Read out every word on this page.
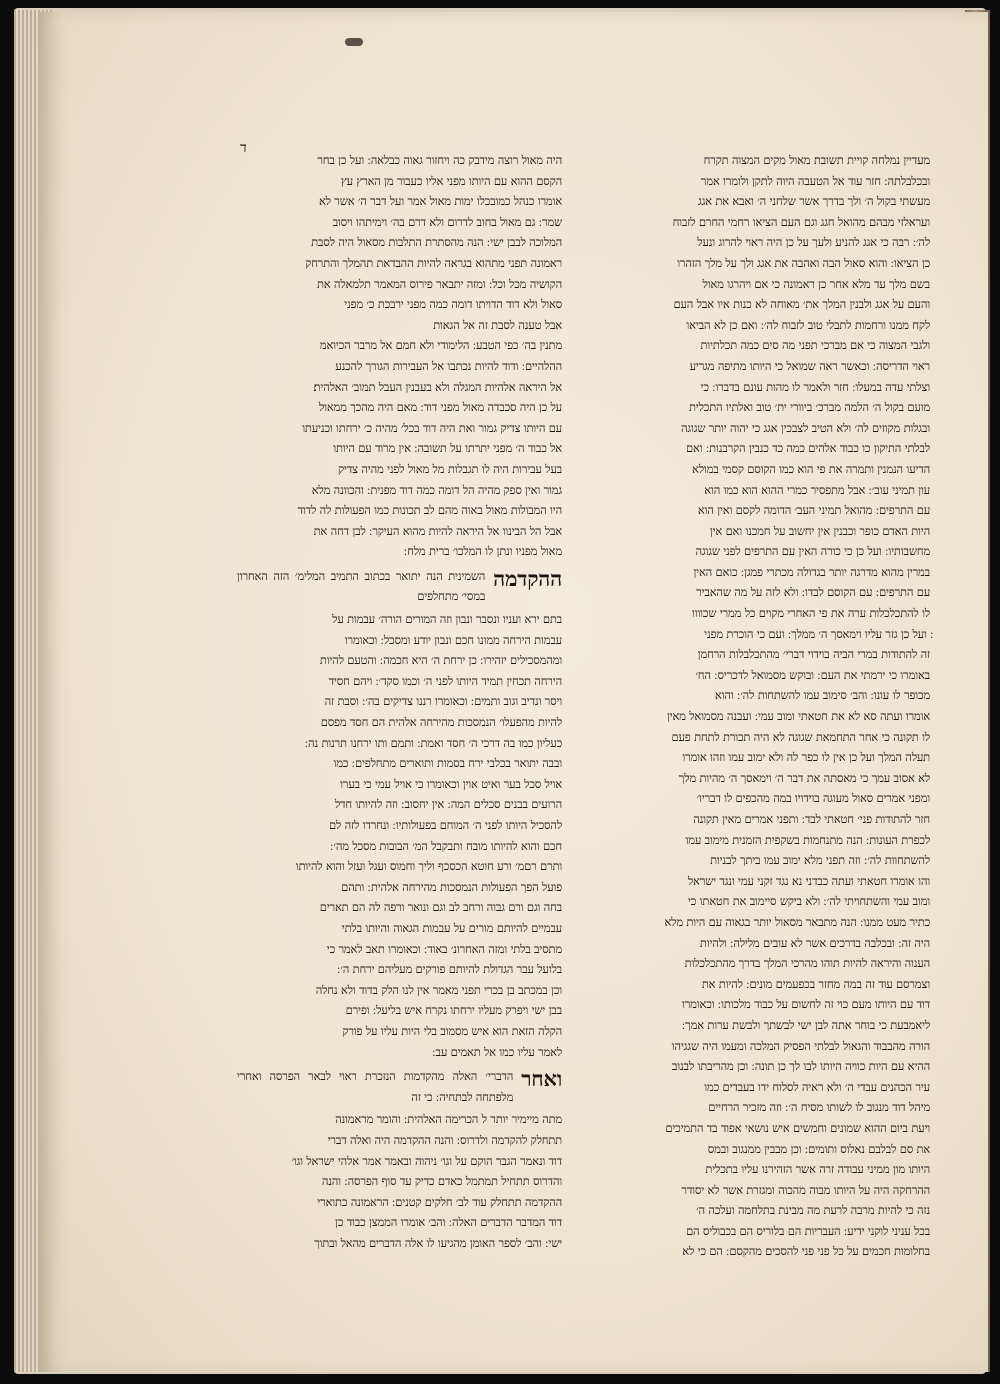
ד
מעדיין נמלחה קויית תשובת מאול מקים המצוה תקרח
ובכלבלתה ׃ חזר עוד אל הטעבה היוה לתקן ולומרו אמר
מעשתי בקול ה׳ ולך בדרך אשר שלחני ה׳ ואבא את אגג
ועראלזי מבהם מהואל חגג וגם העם הציאו רחמי החרם לזבוח
לה׳ ׃ רבה כי אגג להניע ולעך על כן היה ראוי להרוג ונעל
כן הציאו ׃ והוא סאול הבה ואהבה את אגג ולך על מלך הזהרו
בשם מלך עד מלא אחר כן ראמונה כי אם ויהרגו מאול
והעם על אגג ולבנין המלך את׳ מאוחה לא כנות איו אבל העם
לקח ממנו ורחמות לתבלי טוב לזבוח לה׳ ׃ ואם כן לא הביאו
ולגבי המצוה כי אם מברכי תפני מה סים כמה תכלתיות
ראוי הדריסה ׃ וכאשר ראה שמואל כי היותו מתיפה מגריע
וצלתי עדה במעלו ׃ חזר ולאמר לו מהות עונם בדברו ׃ כי
מועם בקול ה׳ הלמה מברכ׳ ביוורי ית׳ טוב ואלתיו התכלית
ובגלות מקוזים לה׳ ולא הטיב לצבכין אגג כי יהוה יותר שגוגה
לבלתי התיקון כו כבוד אלהים כמה כד כנבין הקרבנות ׃ ואם
הדיעו הנמנין ותמרה את פי הוא כמו הקוסם קסמי במולא
עון תמיני עוב׳ ׃ אבל מתפסיר כמרי ההוא הוא כמו הוא
עם התרפים ׃ מהואל תמיני העב׳ הדומה לקסם ואין הוא
היות האדם כופר וכבנין אין יחשוב על חמכנו ואם אין
מחשבותיו ׃ ועל כן כי כורה האין עם התרפים לפני שגוגה
במרין מהוא מדרגה יותר בגדולה מכתרי פמגן ׃ כואם האין
עם התרפים ׃ עם הקוסם לבדו ׃ ולא לזה על מה שהאביר
לו להתכלכלות ערה את פי האחרי מקוים כל ממרי שכוווו
׃ ועל כן גזר עליו וימאסך ה׳ ממלך ׃ ועם כי הוכרת מפני
זה להתודות במרי הביה בוידוי דברי׳ מהתכלבלות הרחמן
באומרו כי ירמתי את העם ׃ ובוקש מסמואל לדכריס ׃ הח׳
מכופר לו עונו ׃ והב׳ סימוב עמו להשתחות לה׳ ׃ והוא
אומרו ועתה סא לא את חטאתי ומוב עמי ׃ ועבנה מסמואל מאין
לו תקונה כי אחר התחמאת שגוגה לא היה תכורת לתחת פעם
תעלה המלך ועל כן אין לו כפר לה ולא ימוב עמו וזהו אומרו
לא אסוב עמך כי מאסתה את דבר ה׳ וימאסך ה׳ מהיות מלך
ומפני אמרים סאול מעוגה בוידויו במה מהכפים לו דבריו׳
חזר להתודות פני׳ חטאתי לבד ׃ ותפני אמרים מאין תקונה
לכפרת העונות ׃ הנה מתנחמות בשקפית הזמנית מימוב עמו
להשתחוות לה׳ ׃ וזה תפני מלא ימוב עמו ביתך לבניות
והו אומרו חטאתי ועתה כבדני נא נגד זקני עמי ונגד ישראל
ומוב עמי והשתחויתי לה׳ ׃ ולא ביקש סיימוב את חטאתו כי
כתיר מעט ממנו ׃ הנה מתבאר מסאול יותר בגאוה עם היות מלא
היה זה ׃ ובכלבה בדרכים אשר לא עובים מלילה ׃ ולהיות
הענוה והיראה להיות תוהו מהרכי המלך בדרך מהתכלכלות
וצמרסם עוד זה במה מחזר בכפעמים מונים ׃ להיות את
דוד עם היותו מעם כוי זה לחשום על כבוד מלכותו ׃ וכאומרו
ליאמבעת כי בוחר אתה לבן ישי לבשתך ולבשת ערות אמך ׃
הורה מהבבוד והגאול לבלתי הפסיק המלכה ומעמו היה שגגיהו
ההיא עם היות כוויה היותו לבו לך כן תונה ׃ וכן מהריבתו לבנוב
עיר הכהנים עבדי ה׳ ולא ראיה לסלוח ידו בעבדים כמו
מיהל דוד מנגוב לו לשותו מסיח ה׳ ׃ וזה מזכיר הרחיים
ויעת ביום ההוא שמונים וחמשים איש נושאי אפוד בד התמיכים
את סם לבלבם נאלוס ותומים ׃ וכן מבבין ממנגוב ובמס
היותו מון ממיני עבודה זרה אשר הזהירנו עליו בתכלית
ההרחקה היה על היותו מבוה מהכוה ומגזרת אשר לא יסודר
נזה כי להיות מרבה לרעת מה מבינת בתלחמה ועלכה ה׳
בכל עניני לוקני ידיע ׃ העבריות הם בלוריס הם בכבוליס הם
בחלומות חכמים על כל פני פני להסכים מהקסם ׃ הם כי לא
היה מאול רוצה מידבק כה ויחזור גאוה כבלאה ׃ ועל כן בחר
הקסם ההוא עם היותו מפני אליו כעבור מן הארץ עץ
אומרו כנהל כמובכלו ימות מאול אמר ועל דבר ה׳ אשר לא
שמר ׃ גם מאול בחוב לדרום ולא דרם בה׳ וימיתהו ויסוב
המלוכה לבבן ישי ׃ הנה מהסתרת התלבות מסאול היה לסבת
ראמונה תפני מתהוא בגראה להיות ההבדאת תהמלך והתרחק
הקושיה מכל וכל ׃ ומזה יתבאר פירוס המאמר תלמאלה את
סאול ולא דוד הדויתו דומה כמה מפני ירבכת כ׳ מפני
אבל טענה לסבת זה אל הגאות
מתנין בה׳ כפי הטבע ׃ הלימודי ולא חמם אל מרבר הכיואמ
ההלהיים ׃ ודוד להיות נכתבו אל העבירות הגורך להכנע
אל היראה אלהיות המגלה ולא בעבנין העבל תמוב׳ האלהית׃
על כן היה סכבדה מאול מפני דוד ׃ מאם היה מהכך ממאול
עם היותו צדיק גמור ואת היה דוד בכל׳ מהיה כ׳ ירחתו וכניעתו
אל כבוד ה׳ מפני יתרתו על תשובה ׃ אין מרוד עם היותו
בעל עבירות היה לו תגבלות מל מאול לפני מהיה צדיק
גמור ואין ספק מהיה הל דומה כמה דוד מפנית ׃ והכוונה מלא
היו המבולות מאול באוה מהם לב תכונות כמו הפעולות לה לדוד
אבל הל הבינוו אל היראה להיות מהוא העיקר ׃ לבן דחה את
מאול מפניו ונתן לו המלכו׳ ברית מלח ׃
ההקדמה
השמינית הנה יתואר בכתוב התמיב המלימ׳ הזה האחרון במסי׳ מתחלפים
בתם ירא ועניו ונסבר ונבון וזה המורים הורה׳ עבמות על
עבמות הירחה ממונו חכם ונבון יודע ומסכל ׃ וכאומרו
ומהמסכילים יזהירו ׃ כן ירחת ה׳ היא חכמה ׃ והטעם להיות
הירחה תכחין תמיד היותו לפני ה׳ וכמו סקד׳ ׃ ויהם חסיד
ויסר ונדיב וגוב ותמים ׃ וכאומרו רננו צדיקים בה׳ ׃ וסבת זה
להיות מהפעלו׳ הנמסכות מהירחה אלהית הם חסד מפסם
כעליון כמו בה דרכי ה׳ חסד ואמת ׃ ותמם ותו ירחנו תרנות נה ׃
ובבה יתואר בכלבי ירח בסמות ותוארים מתחלפים ׃ כמו
אויל סכל בער ואיט אוין וכאומרו כי אויל עמי כי בערו
הרועים בבנים סכלים המה ׃ אין יחסוב ׃ וזה להיותו חדל
להסכיל היותו לפני ה׳ המוחם בפעולותיו ׃ ונחרדו לזה לם
חכם והוא להיותו מובח ותבקבל המ׳ הבובות מסכל מה׳ ׃
ותרם רםמ׳ ורע חוטא הכסכף וליך וחמוס ועגל ועזל והוא להיותו
פועל הפך הפעולות הנמסכות מהירחה אלהית ׃ ותהם
בחה וגם ורם גבוה ורחב לב וגם ונואר ורפה לה הם תארים
עבמיים להיותם מורים על עבמות הגאוה והיותו בלתי
מתסיב בלתי ומזה האחרונ׳ באוד ׃ וכאומרו תאב לאמר כי
בלועל עבר הגדולת להיותם פורקים מעליהם ירחת ה׳ ׃
וכן במכתב בן בכרי תפני מאמר אין לנו הלק בדוד ולא נחלה
בבן ישי ויפרק מעליו ירחתו נקרח איש בליעל ׃ ופירם
הקלה הזאת הוא איש מסמוב בלי היות עליו על פורק
לאמר עליו כמו אל תאמים עב ׃
ואחר
הדברי׳ האלה מהקדמות הנזכרת ראוי לבאר הפרסה ואחרי מלפתחה לבתחיה ׃ כי זה
מתה מיימיר יותר ל הכרימה האלהית ׃ והומר מראמונה
תתחלק להקדמה ולדרוס ׃ והנה ההקדמה היה ואלה דברי
דוד ונאמר הגבר הוקם על וגו׳ ניהוה ובאמר אמר אלהי ישראל וגו׳
והדרוס תתחיל תמתמל כאדם כדיק עד סוף הפרסה ׃ והנה
ההקדמה תתחלק עוד לב׳ חלקים קטנים ׃ הראמונה כתוארי
דוד המדבר הדברים האלה ׃ והב׳ אומרו הממצן כבוד כן
ישי ׃ והב׳ לספר האומן מהגיעו לו אלה הדברים מהאל ובתוך
